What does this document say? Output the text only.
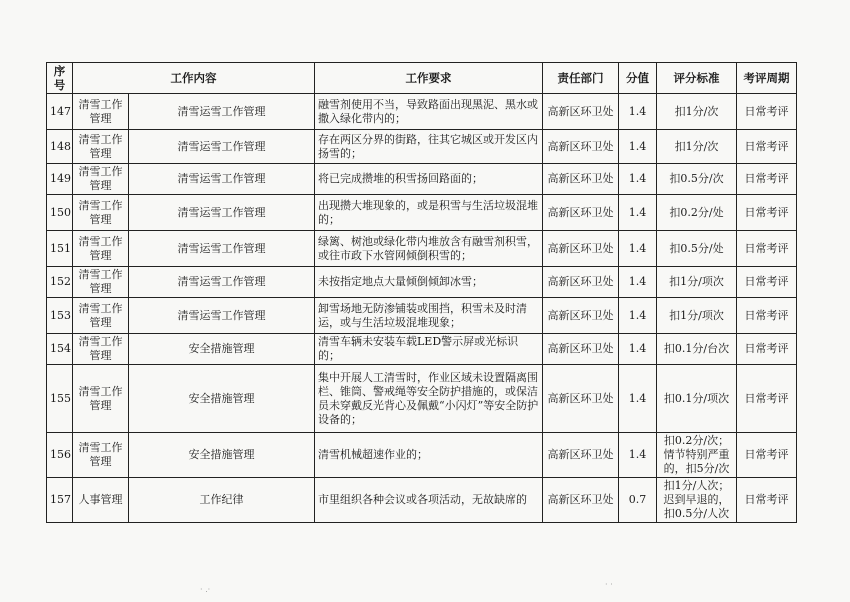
序号	工作内容		工作要求	责任部门	分值	评分标准	考评周期
147	清雪工作管理	清雪运雪工作管理	融雪剂使用不当，导致路面出现黑泥、黑水或撒入绿化带内的；	高新区环卫处	1.4	扣1分/次	日常考评
148	清雪工作管理	清雪运雪工作管理	存在两区分界的街路，往其它城区或开发区内扬雪的；	高新区环卫处	1.4	扣1分/次	日常考评
149	清雪工作管理	清雪运雪工作管理	将已完成攒堆的积雪扬回路面的；	高新区环卫处	1.4	扣0.5分/次	日常考评
150	清雪工作管理	清雪运雪工作管理	出现攒大堆现象的，或是积雪与生活垃圾混堆的；	高新区环卫处	1.4	扣0.2分/处	日常考评
151	清雪工作管理	清雪运雪工作管理	绿篱、树池或绿化带内堆放含有融雪剂积雪，或往市政下水管网倾倒积雪的；	高新区环卫处	1.4	扣0.5分/处	日常考评
152	清雪工作管理	清雪运雪工作管理	未按指定地点大量倾倒倾卸冰雪；	高新区环卫处	1.4	扣1分/项次	日常考评
153	清雪工作管理	清雪运雪工作管理	卸雪场地无防渗铺装或围挡，积雪未及时清运，或与生活垃圾混堆现象；	高新区环卫处	1.4	扣1分/项次	日常考评
154	清雪工作管理	安全措施管理	清雪车辆未安装车载LED警示屏或光标识的；	高新区环卫处	1.4	扣0.1分/台次	日常考评
155	清雪工作管理	安全措施管理	集中开展人工清雪时，作业区域未设置隔离围栏、锥筒、警戒绳等安全防护措施的，或保洁员未穿戴反光背心及佩戴“小闪灯”等安全防护设备的；	高新区环卫处	1.4	扣0.1分/项次	日常考评
156	清雪工作管理	安全措施管理	清雪机械超速作业的；	高新区环卫处	1.4	扣0.2分/次；情节特别严重的，扣5分/次	日常考评
157	人事管理	工作纪律	市里组织各种会议或各项活动，无故缺席的	高新区环卫处	0.7	扣1分/人次；迟到早退的，扣0.5分/人次	日常考评
· .·
· ·
